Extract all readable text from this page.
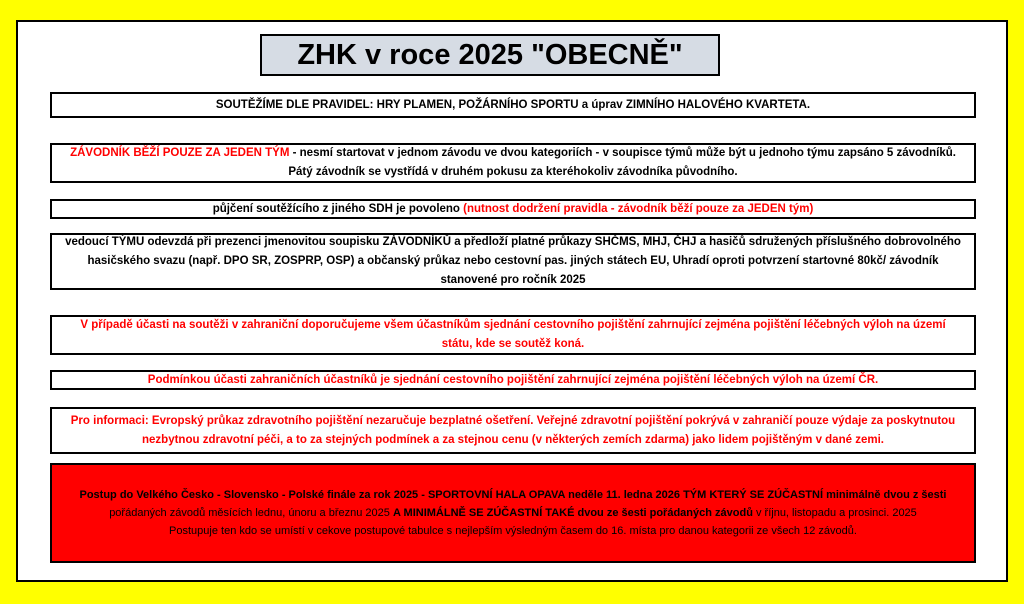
ZHK v roce 2025 "OBECNĚ"
SOUTĚŽÍME DLE PRAVIDEL: HRY PLAMEN, POŽÁRNÍHO SPORTU a úprav ZIMNÍHO HALOVÉHO KVARTETA.
ZÁVODNÍK BĚŽÍ POUZE ZA JEDEN TÝM - nesmí startovat v jednom závodu ve dvou kategoriích - v soupisce týmů může být u jednoho týmu zapsáno 5 závodníků.
Pátý závodník se vystřídá v druhém pokusu za kteréhokoliv závodníka původního.
půjčení soutěžícího z jiného SDH je povoleno (nutnost dodržení pravidla - závodník běží pouze za JEDEN tým)
vedoucí TÝMU odevzdá při prezenci jmenovitou soupisku ZÁVODNÍKŮ a předloží platné průkazy SHČMS, MHJ, ČHJ a hasičů sdružených příslušného dobrovolného
hasičského svazu (např. DPO SR, ZOSPRP, OSP) a občanský průkaz nebo cestovní pas. jiných státech EU, Uhradí oproti potvrzení startovné 80kč/ závodník
stanovené pro ročník 2025
V případě účasti na soutěži v zahraniční doporučujeme všem účastníkům sjednání cestovního pojištění zahrnující zejména pojištění léčebných výloh na území
státu, kde se soutěž koná.
Podmínkou účasti zahraničních účastníků je sjednání cestovního pojištění zahrnující zejména pojištění léčebných výloh na území ČR.
Pro informaci: Evropský průkaz zdravotního pojištění nezaručuje bezplatné ošetření. Veřejné zdravotní pojištění pokrývá v zahraničí pouze výdaje za poskytnutou
nezbytnou zdravotní péči, a to za stejných podmínek a za stejnou cenu (v některých zemích zdarma) jako lidem pojištěným v dané zemi.
Postup do Velkého Česko - Slovensko - Polské finále za rok 2025 - SPORTOVNÍ HALA OPAVA neděle 11. ledna 2026 TÝM KTERÝ SE ZÚČASTNÍ minimálně dvou z šesti
pořádaných závodů měsících lednu, únoru a březnu 2025 A MINIMÁLNĚ SE ZÚČASTNÍ TAKÉ dvou ze šesti pořádaných závodů v říjnu, listopadu a prosinci. 2025
Postupuje ten kdo se umístí v cekove postupové tabulce s nejlepším výsledným časem do 16. místa pro danou kategorii ze všech 12 závodů.
